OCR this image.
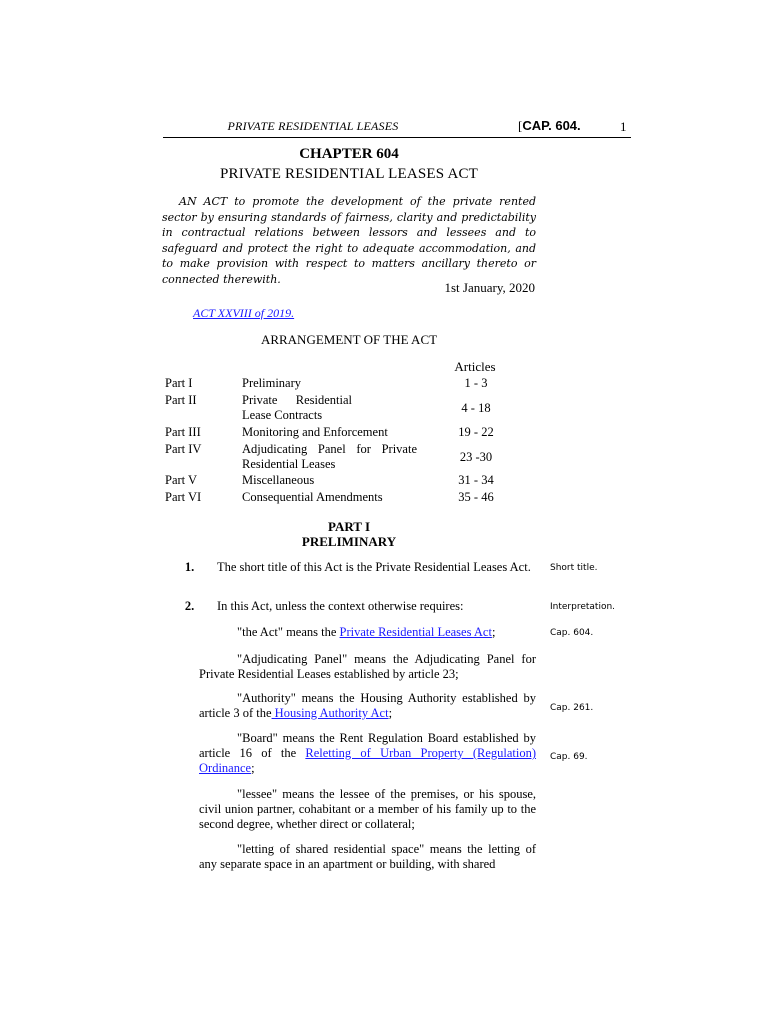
PRIVATE RESIDENTIAL LEASES	[CAP. 604.	1
CHAPTER 604
PRIVATE RESIDENTIAL LEASES ACT
AN ACT to promote the development of the private rented sector by ensuring standards of fairness, clarity and predictability in contractual relations between lessors and lessees and to safeguard and protect the right to adequate accommodation, and to make provision with respect to matters ancillary thereto or connected therewith.
1st January, 2020
ACT XXVIII of 2019.
ARRANGEMENT OF THE ACT
Articles
Part I	Preliminary	1 - 3
Part II	Private Residential Lease Contracts	4 - 18
Part III	Monitoring and Enforcement	19 - 22
Part IV	Adjudicating Panel for Private Residential Leases	23 -30
Part V	Miscellaneous	31 - 34
Part VI	Consequential Amendments	35 - 46
PART I
PRELIMINARY
1. The short title of this Act is the Private Residential Leases Act.	Short title.
2. In this Act, unless the context otherwise requires:	Interpretation.
"the Act" means the Private Residential Leases Act;	Cap. 604.
"Adjudicating Panel" means the Adjudicating Panel for Private Residential Leases established by article 23;
"Authority" means the Housing Authority established by article 3 of the Housing Authority Act;	Cap. 261.
"Board" means the Rent Regulation Board established by article 16 of the Reletting of Urban Property (Regulation) Ordinance;
Cap. 69.
"lessee" means the lessee of the premises, or his spouse, civil union partner, cohabitant or a member of his family up to the second degree, whether direct or collateral;
"letting of shared residential space" means the letting of any separate space in an apartment or building, with shared
